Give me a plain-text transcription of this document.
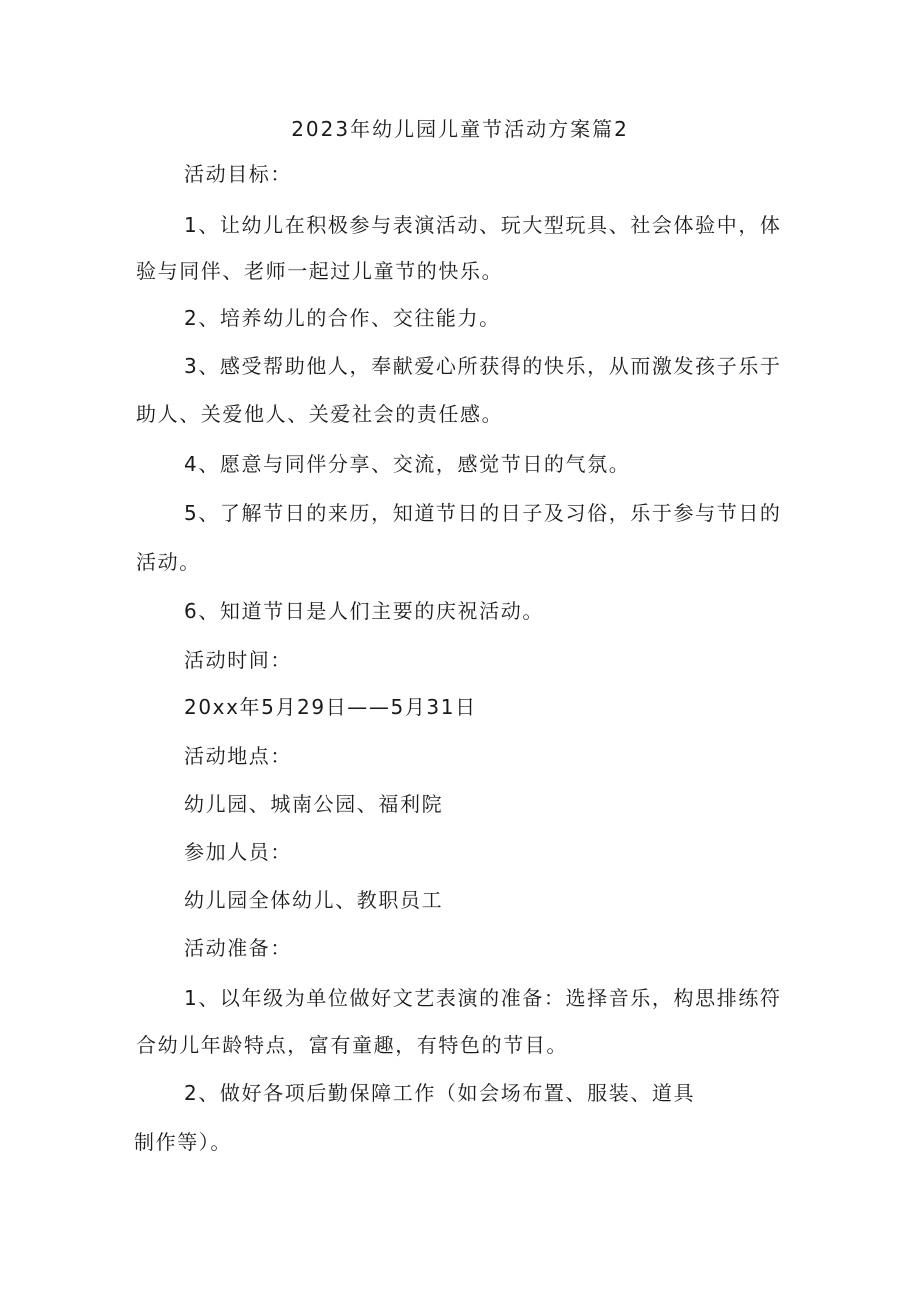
2023年幼儿园儿童节活动方案篇2
活动目标：
1、让幼儿在积极参与表演活动、玩大型玩具、社会体验中，体
验与同伴、老师一起过儿童节的快乐。
2、培养幼儿的合作、交往能力。
3、感受帮助他人，奉献爱心所获得的快乐，从而激发孩子乐于
助人、关爱他人、关爱社会的责任感。
4、愿意与同伴分享、交流，感觉节日的气氛。
5、了解节日的来历，知道节日的日子及习俗，乐于参与节日的
活动。
6、知道节日是人们主要的庆祝活动。
活动时间：
20xx年5月29日——5月31日
活动地点：
幼儿园、城南公园、福利院
参加人员：
幼儿园全体幼儿、教职员工
活动准备：
1、以年级为单位做好文艺表演的准备：选择音乐，构思排练符
合幼儿年龄特点，富有童趣，有特色的节目。
2、做好各项后勤保障工作（如会场布置、服装、道具
制作等）。
